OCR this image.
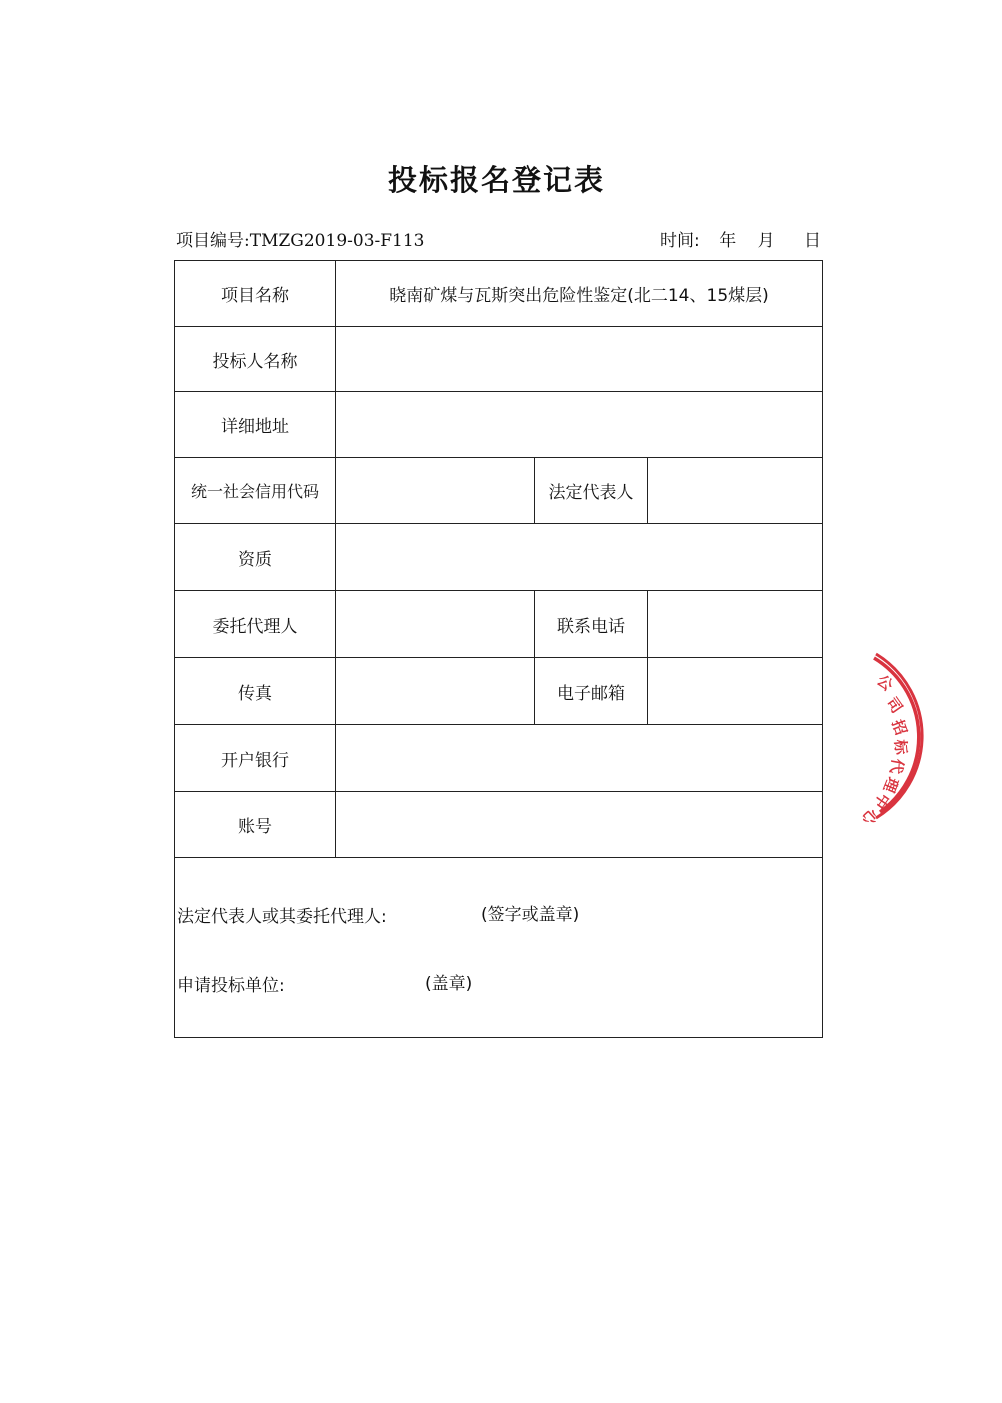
投标报名登记表
项目编号:TMZG2019-03-F113	时间: 年 月 日
项目名称	晓南矿煤与瓦斯突出危险性鉴定(北二14、15煤层)
投标人名称
详细地址
统一社会信用代码	法定代表人
资质
委托代理人	联系电话
传真	电子邮箱
开户银行
账号
法定代表人或其委托代理人:	(签字或盖章)
申请投标单位:	(盖章)
公
司
招
标
代
理
中
心
